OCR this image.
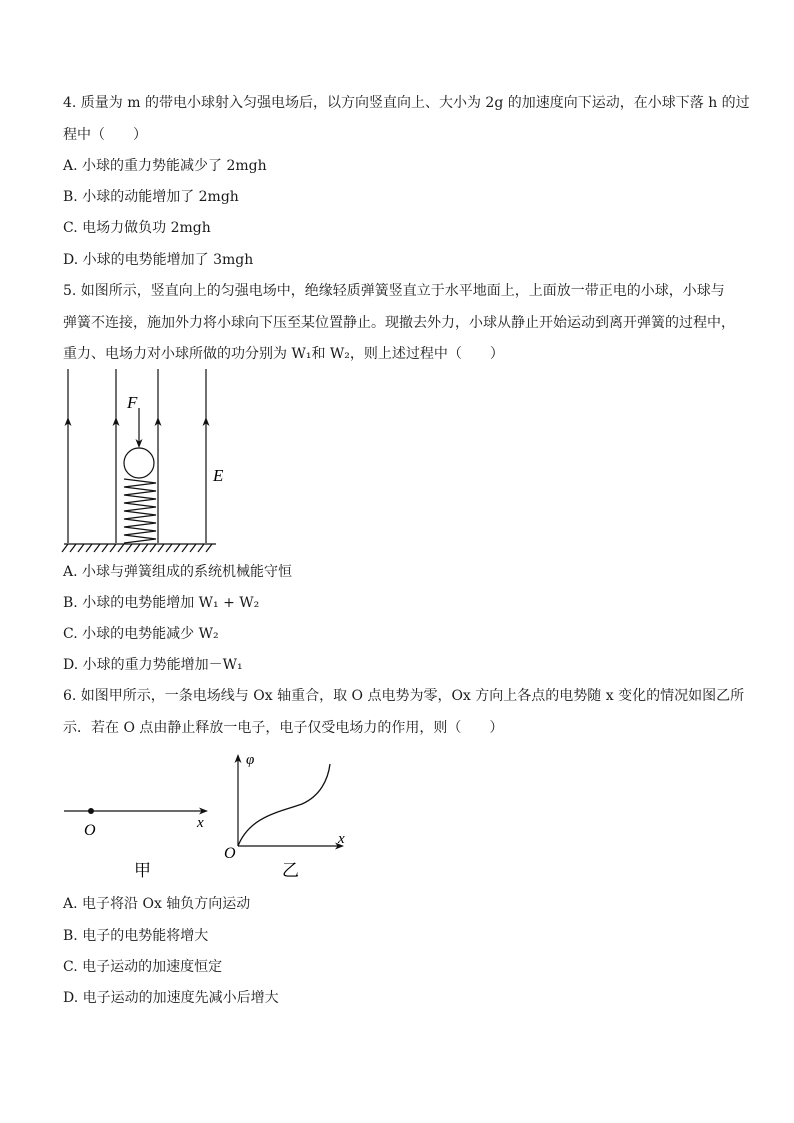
4. 质量为 m 的带电小球射入匀强电场后，以方向竖直向上、大小为 2g 的加速度向下运动，在小球下落 h 的过
程中（　　）
A. 小球的重力势能减少了 2mgh
B. 小球的动能增加了 2mgh
C. 电场力做负功 2mgh
D. 小球的电势能增加了 3mgh
5. 如图所示，竖直向上的匀强电场中，绝缘轻质弹簧竖直立于水平地面上，上面放一带正电的小球，小球与
弹簧不连接，施加外力将小球向下压至某位置静止。现撤去外力，小球从静止开始运动到离开弹簧的过程中，
重力、电场力对小球所做的功分别为 W₁和 W₂，则上述过程中（　　）
F
E
A. 小球与弹簧组成的系统机械能守恒
B. 小球的电势能增加 W₁ + W₂
C. 小球的电势能减少 W₂
D. 小球的重力势能增加－W₁
6. 如图甲所示，一条电场线与 Ox 轴重合，取 O 点电势为零，Ox 方向上各点的电势随 x 变化的情况如图乙所
示．若在 O 点由静止释放一电子，电子仅受电场力的作用，则（　　）
O	x
甲
φ
x
O
乙
A. 电子将沿 Ox 轴负方向运动
B. 电子的电势能将增大
C. 电子运动的加速度恒定
D. 电子运动的加速度先减小后增大
